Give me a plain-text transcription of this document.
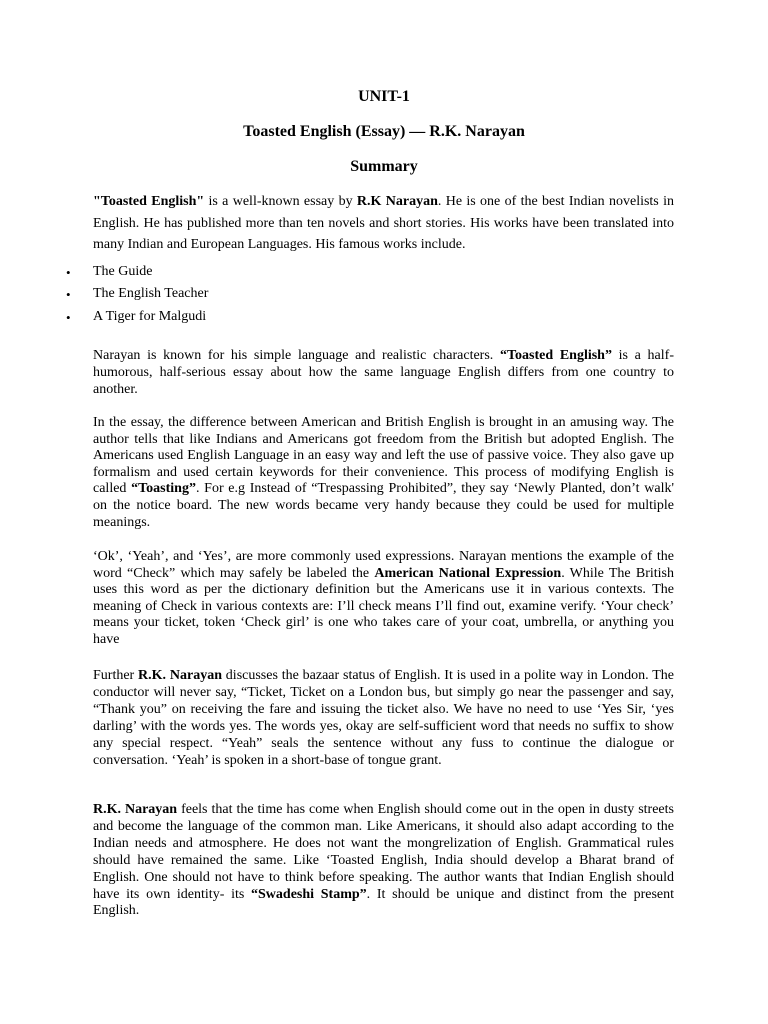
UNIT-1
Toasted English (Essay) — R.K. Narayan
Summary

"Toasted English" is a well-known essay by R.K Narayan. He is one of the best Indian novelists in English. He has published more than ten novels and short stories. His works have been translated into many Indian and European Languages. His famous works include.

• The Guide
• The English Teacher
• A Tiger for Malgudi

Narayan is known for his simple language and realistic characters. “Toasted English” is a half-humorous, half-serious essay about how the same language English differs from one country to another.

In the essay, the difference between American and British English is brought in an amusing way. The author tells that like Indians and Americans got freedom from the British but adopted English. The Americans used English Language in an easy way and left the use of passive voice. They also gave up formalism and used certain keywords for their convenience. This process of modifying English is called “Toasting”. For e.g Instead of “Trespassing Prohibited”, they say ‘Newly Planted, don’t walk' on the notice board. The new words became very handy because they could be used for multiple meanings.

‘Ok’, ‘Yeah’, and ‘Yes’, are more commonly used expressions. Narayan mentions the example of the word “Check” which may safely be labeled the American National Expression. While The British uses this word as per the dictionary definition but the Americans use it in various contexts. The meaning of Check in various contexts are: I’ll check means I’ll find out, examine verify. ‘Your check’ means your ticket, token ‘Check girl’ is one who takes care of your coat, umbrella, or anything you have

Further R.K. Narayan discusses the bazaar status of English. It is used in a polite way in London. The conductor will never say, “Ticket, Ticket on a London bus, but simply go near the passenger and say, “Thank you” on receiving the fare and issuing the ticket also. We have no need to use ‘Yes Sir, ‘yes darling’ with the words yes. The words yes, okay are self-sufficient word that needs no suffix to show any special respect. “Yeah” seals the sentence without any fuss to continue the dialogue or conversation. ‘Yeah’ is spoken in a short-base of tongue grant.

R.K. Narayan feels that the time has come when English should come out in the open in dusty streets and become the language of the common man. Like Americans, it should also adapt according to the Indian needs and atmosphere. He does not want the mongrelization of English. Grammatical rules should have remained the same. Like ‘Toasted English, India should develop a Bharat brand of English. One should not have to think before speaking. The author wants that Indian English should have its own identity- its “Swadeshi Stamp”. It should be unique and distinct from the present English.
